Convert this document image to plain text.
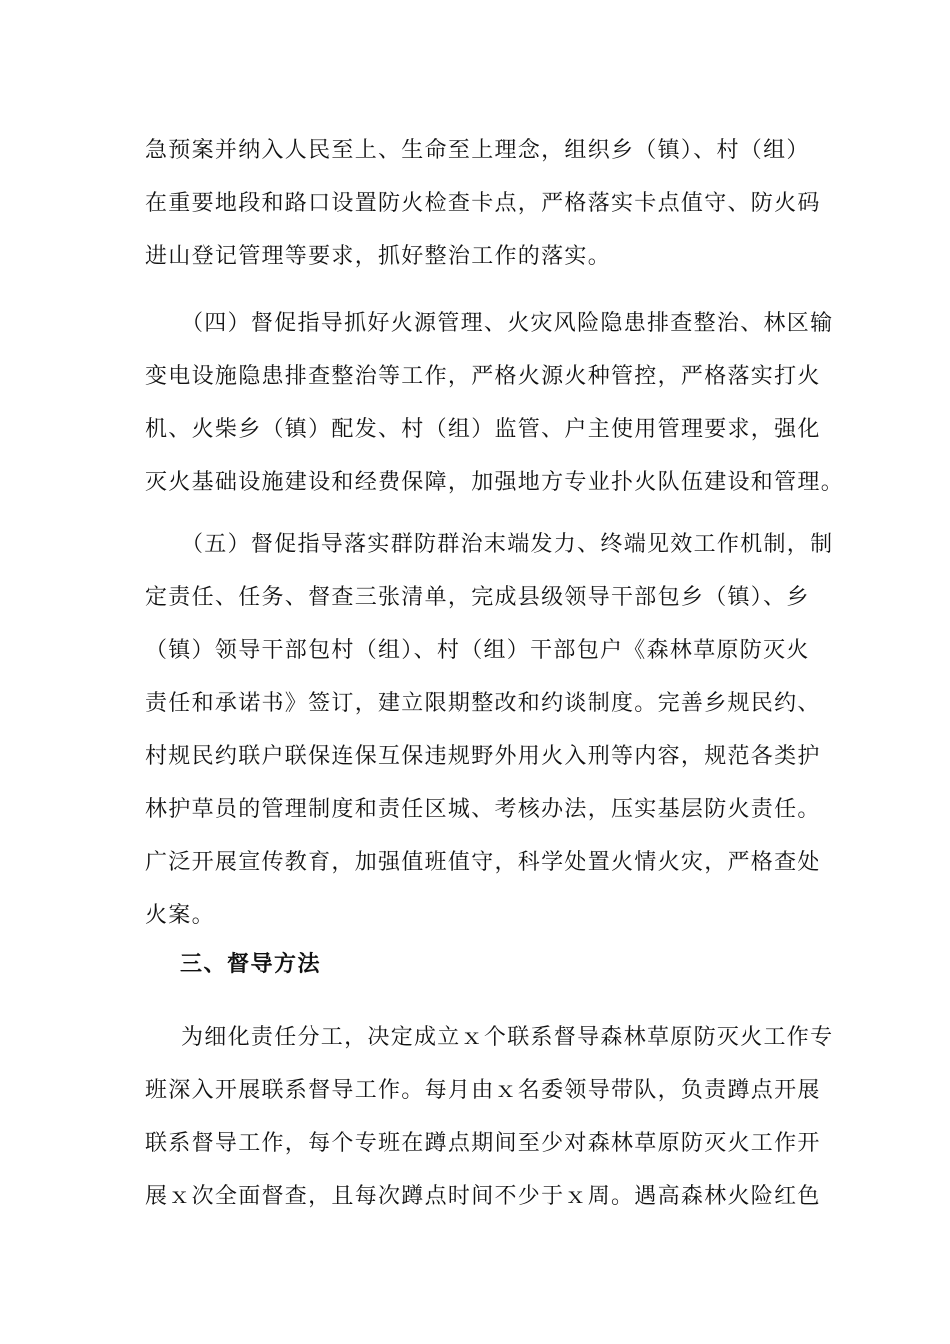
急预案并纳入人民至上、生命至上理念，组织乡（镇）、村（组）
在重要地段和路口设置防火检查卡点，严格落实卡点值守、防火码
进山登记管理等要求，抓好整治工作的落实。
（四）督促指导抓好火源管理、火灾风险隐患排查整治、林区输
变电设施隐患排查整治等工作，严格火源火种管控，严格落实打火
机、火柴乡（镇）配发、村（组）监管、户主使用管理要求，强化
灭火基础设施建设和经费保障，加强地方专业扑火队伍建设和管理。
（五）督促指导落实群防群治末端发力、终端见效工作机制，制
定责任、任务、督查三张清单，完成县级领导干部包乡（镇）、乡
（镇）领导干部包村（组）、村（组）干部包户《森林草原防灭火
责任和承诺书》签订，建立限期整改和约谈制度。完善乡规民约、
村规民约联户联保连保互保违规野外用火入刑等内容，规范各类护
林护草员的管理制度和责任区城、考核办法，压实基层防火责任。
广泛开展宣传教育，加强值班值守，科学处置火情火灾，严格查处
火案。
三、督导方法
为细化责任分工，决定成立ｘ个联系督导森林草原防灭火工作专
班深入开展联系督导工作。每月由ｘ名委领导带队，负责蹲点开展
联系督导工作，每个专班在蹲点期间至少对森林草原防灭火工作开
展ｘ次全面督查，且每次蹲点时间不少于ｘ周。遇高森林火险红色
